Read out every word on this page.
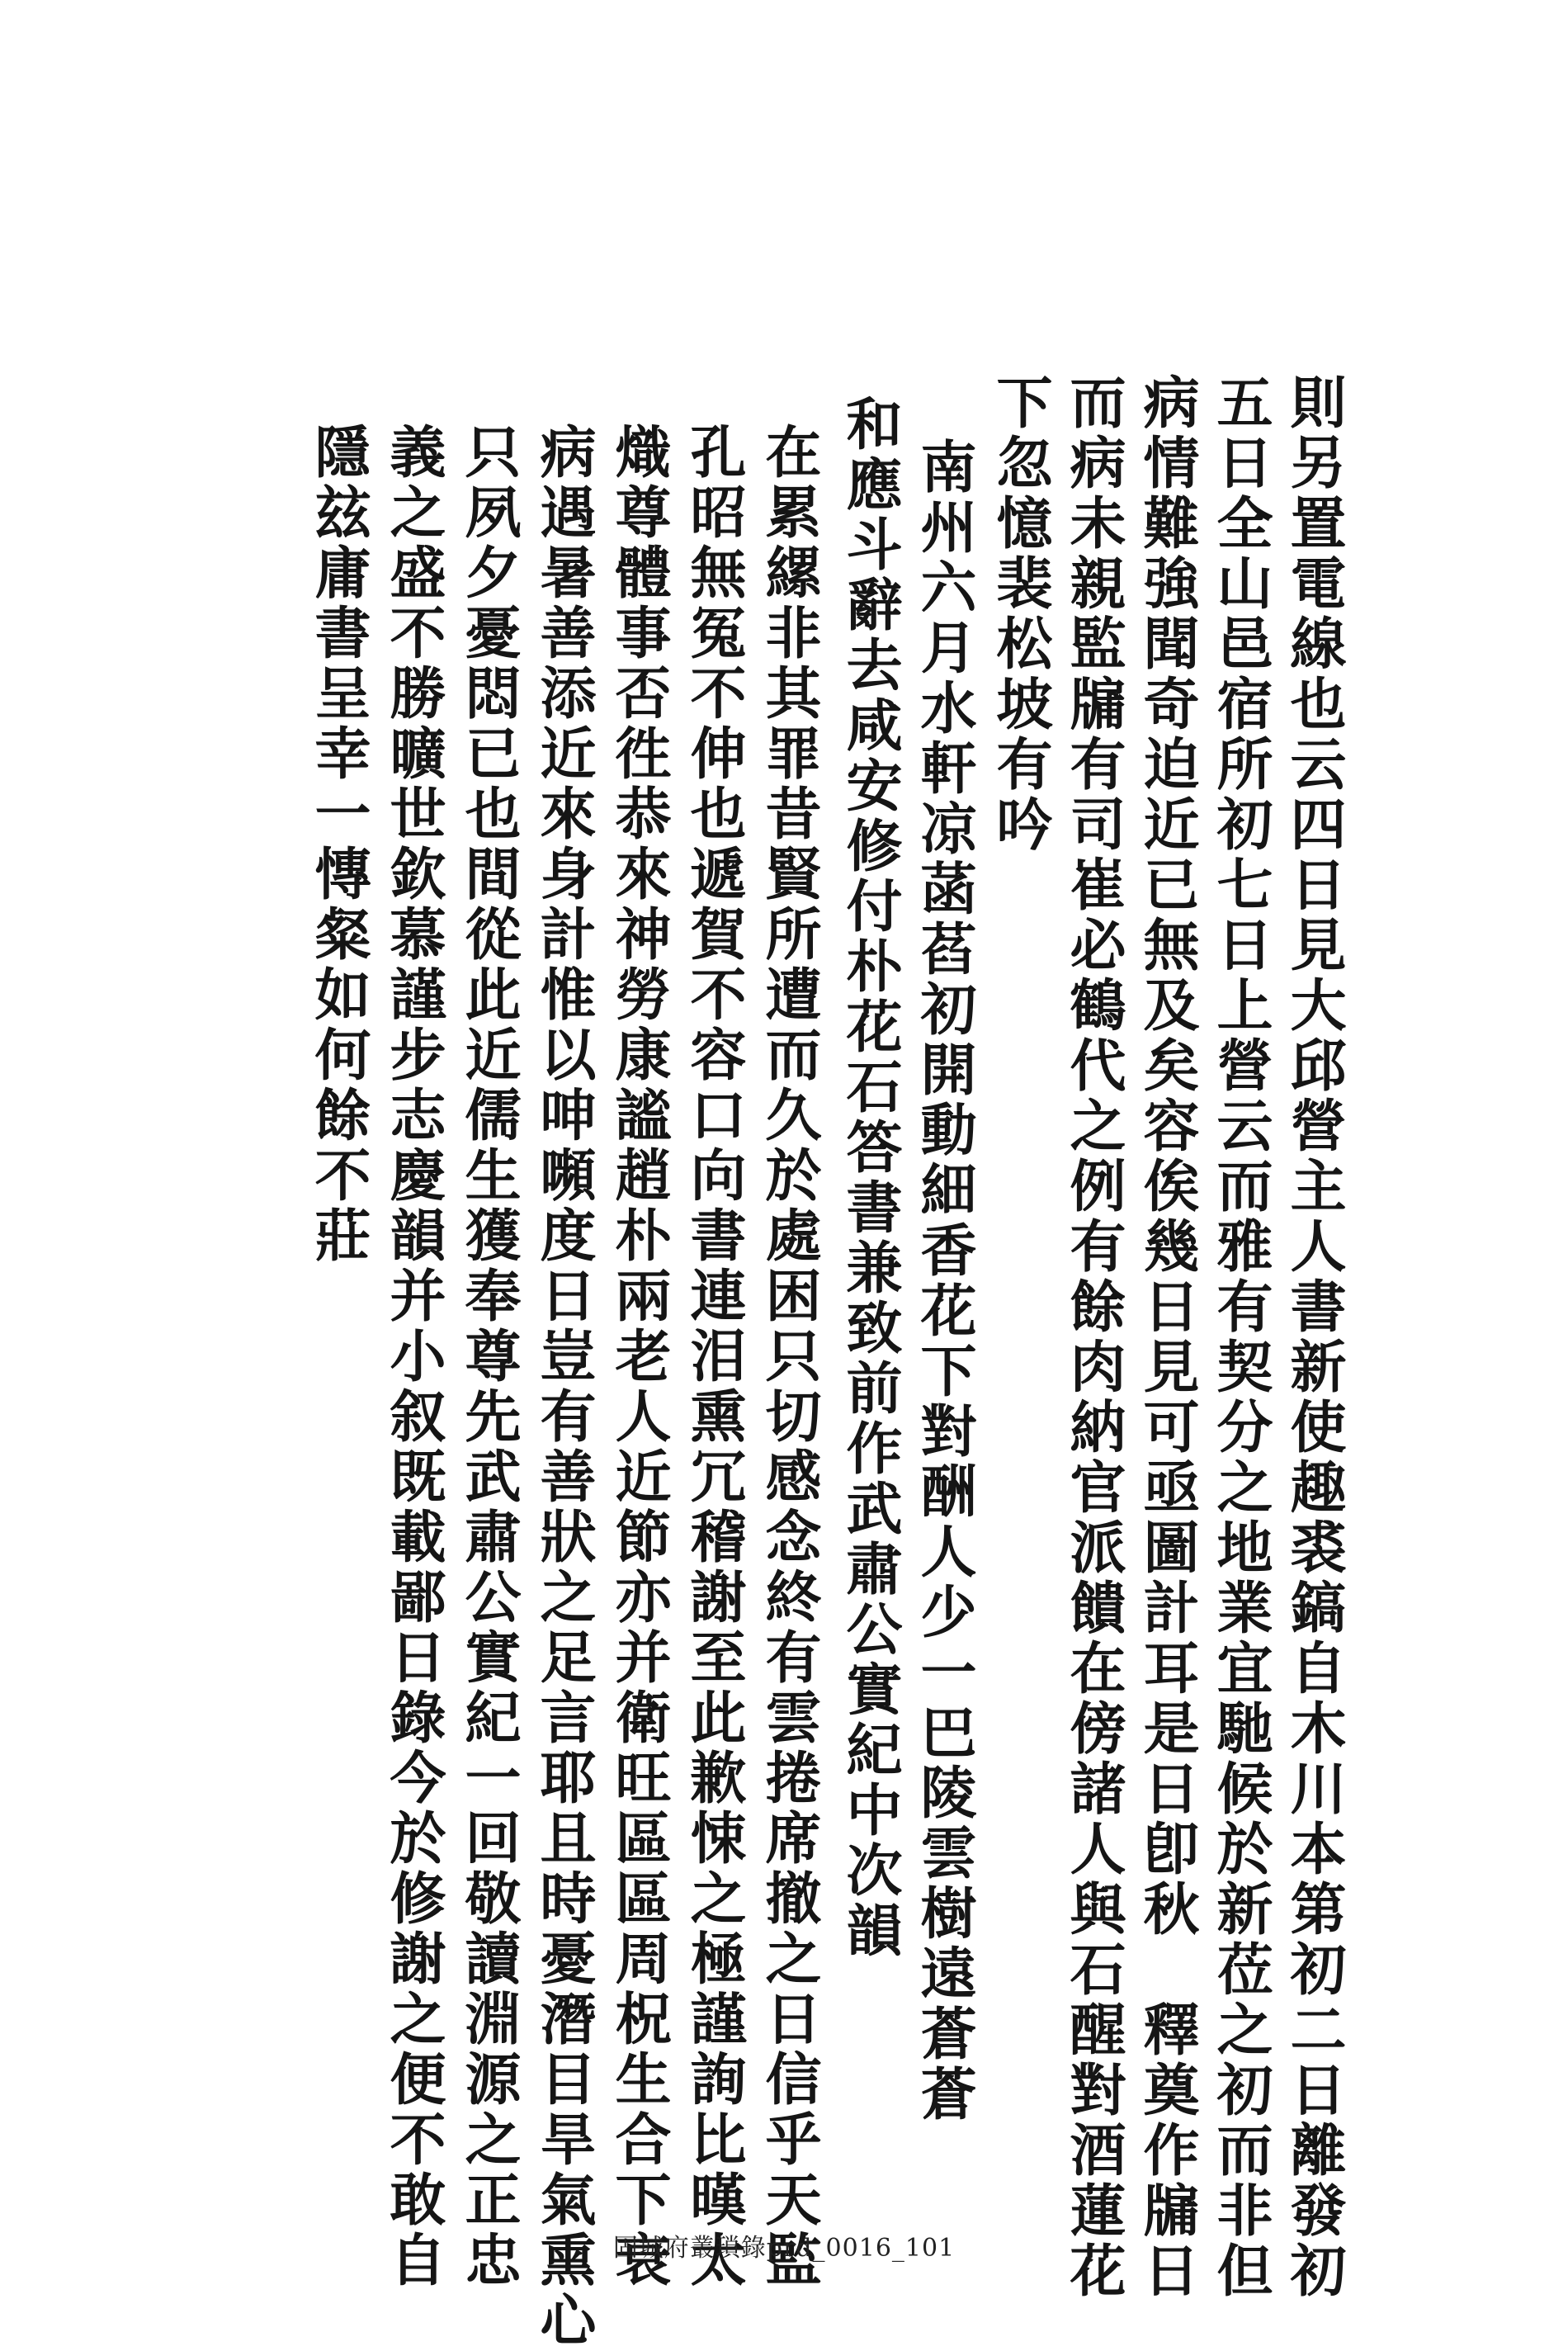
則另置電線也云四日見大邱營主人書新使趣裘鎬自木川本第初二日離發初
五日全山邑宿所初七日上營云而雅有契分之地業宜馳候於新莅之初而非但
病情難強聞奇迫近已無及矣容俟幾日見可亟圖計耳是日卽秋　釋奠作牖日
而病未親監牖有司崔必鶴代之例有餘肉納官派饋在傍諸人與石醒對酒蓮花
下忽憶裴松坡有吟
南州六月水軒凉菡萏初開動細香花下對酬人少一巴陵雲樹遠蒼蒼
和應斗辭去咸安修付朴花石答書兼致前作武肅公實紀中次韻
在累縲非其罪昔賢所遭而久於處困只切感念終有雲捲席撤之日信乎天監
孔昭無冤不伸也遞賀不容口向書連泪熏冗稽謝至此歉悚之極謹詢比暵太
熾尊體事否徃恭來神勞康謐趙朴兩老人近節亦并衛旺區區周柷生合下衰
病遇暑善添近來身計惟以呻嚬度日豈有善狀之足言耶且時憂潛目旱氣熏心
只夙夕憂悶已也間從此近儒生獲奉尊先武肅公實紀一回敬讀淵源之正忠
義之盛不勝曠世欽慕謹步志慶韻并小叙既載鄙日錄今於修謝之便不敢自
隱玆庸書呈幸一慱粲如何餘不莊
固城府叢瑣錄prd_0016_101
